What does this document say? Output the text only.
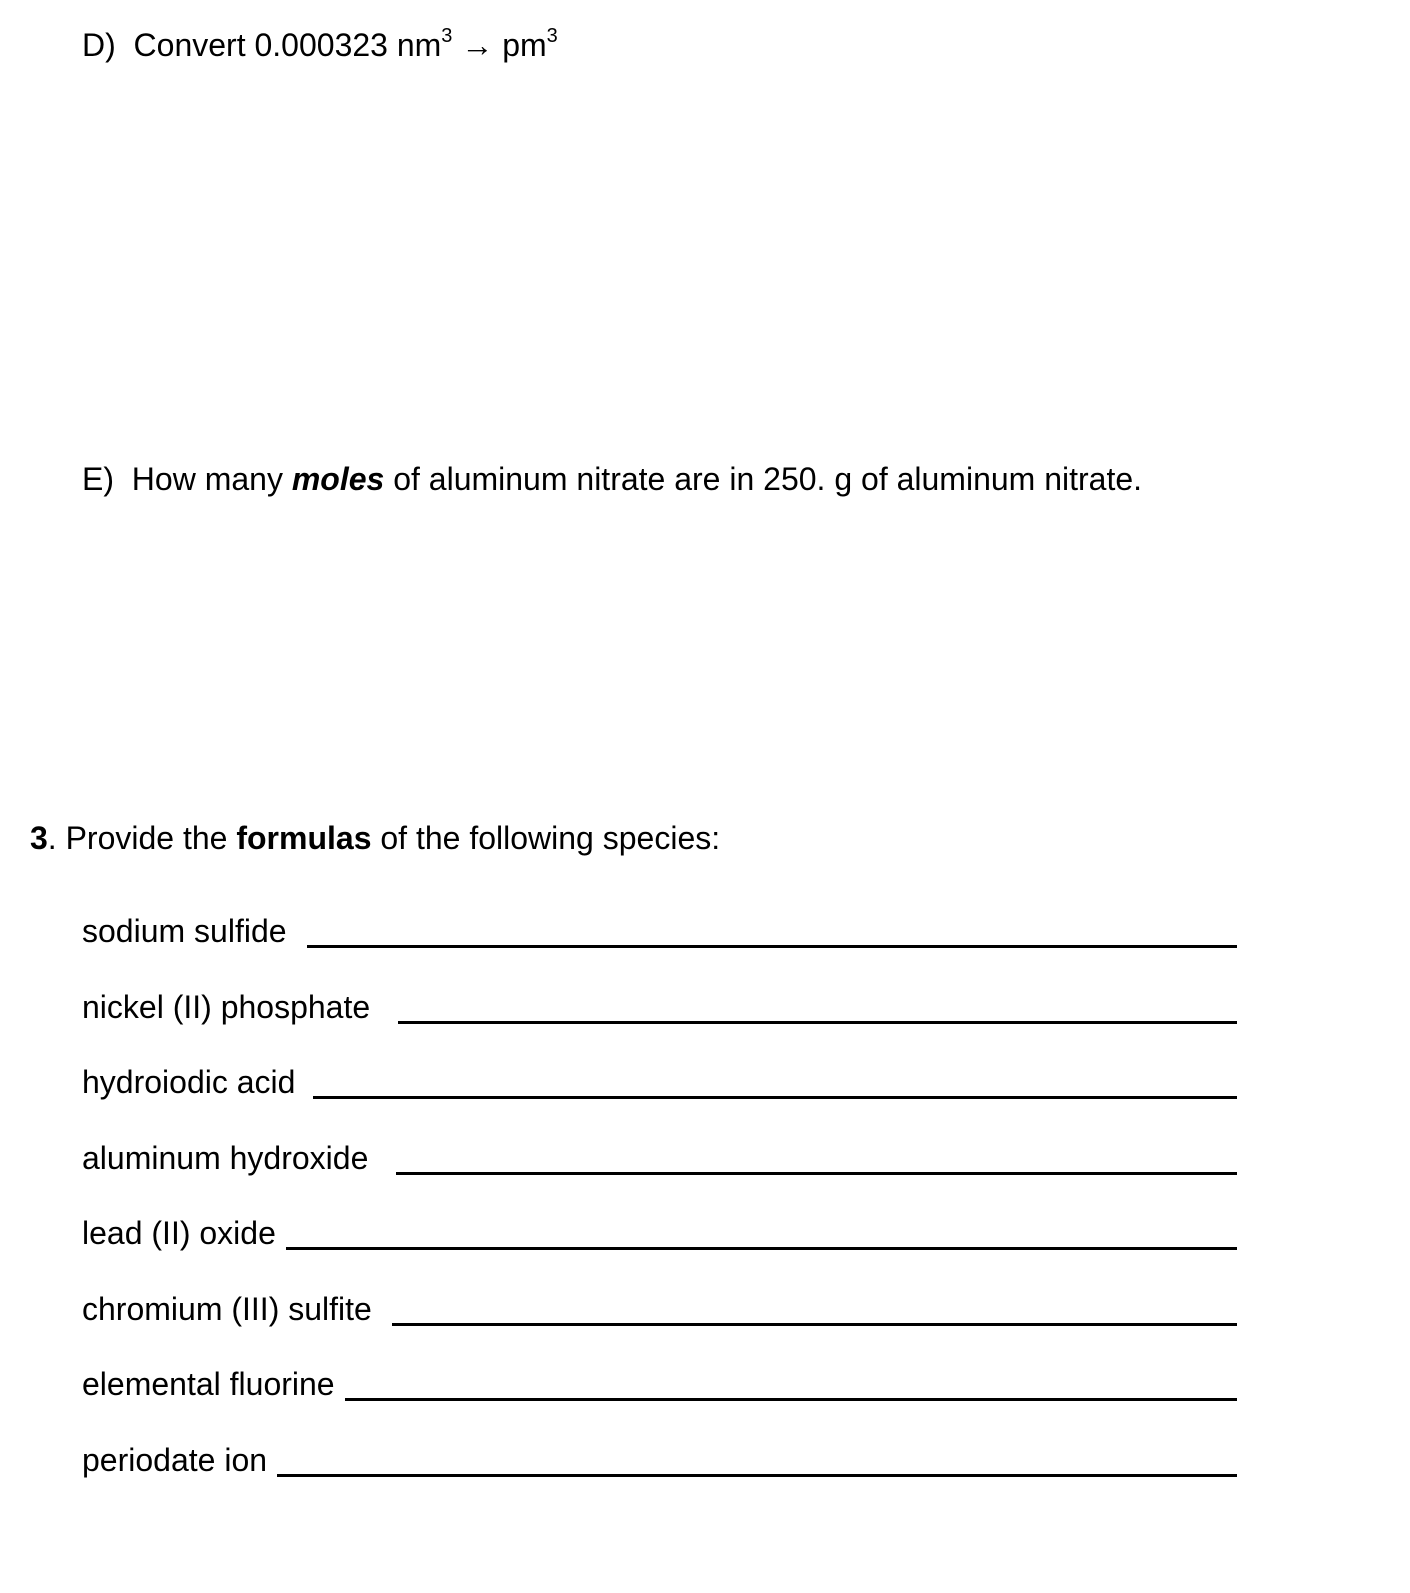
D) Convert 0.000323 $nm^3 \to pm^3$
E) How many moles of aluminum nitrate are in 250. g of aluminum nitrate.
3. Provide the formulas of the following species:
sodium sulfide
nickel (II) phosphate
hydroiodic acid
aluminum hydroxide
lead (II) oxide
chromium (III) sulfite
elemental fluorine
periodate ion
